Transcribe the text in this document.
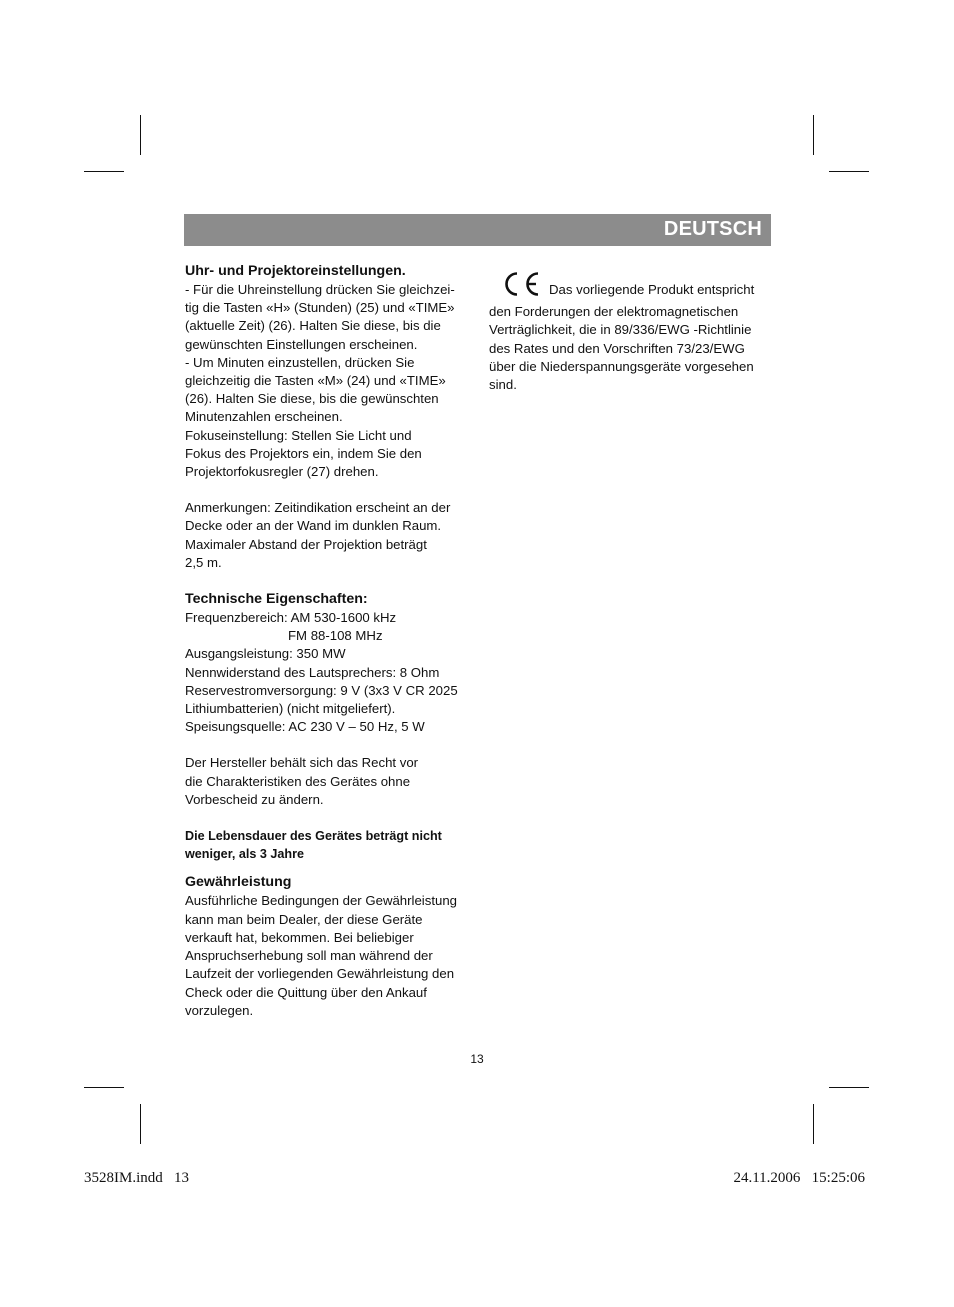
DEUTSCH

Uhr- und Projektoreinstellungen.

- Für die Uhreinstellung drücken Sie gleichzei-

tig die Tasten «H» (Stunden) (25) und «TIME»

(aktuelle Zeit) (26). Halten Sie diese, bis die

gewünschten Einstellungen erscheinen.

- Um Minuten einzustellen, drücken Sie

gleichzeitig die Tasten «M» (24) und «TIME»

(26). Halten Sie diese, bis die gewünschten

Minutenzahlen erscheinen.

Fokuseinstellung: Stellen Sie Licht und

Fokus des Projektors ein, indem Sie den

Projektorfokusregler (27) drehen.

Anmerkungen: Zeitindikation erscheint an der

Decke oder an der Wand im dunklen Raum.

Maximaler Abstand der Projektion beträgt

2,5 m.

Technische Eigenschaften:

Frequenzbereich: AM 530-1600 kHz

FM 88-108 MHz

Ausgangsleistung: 350 MW

Nennwiderstand des Lautsprechers: 8 Ohm

Reservestromversorgung: 9 V (3x3 V CR 2025

Lithiumbatterien) (nicht mitgeliefert).

Speisungsquelle: AC 230 V – 50 Hz, 5 W

Der Hersteller behält sich das Recht vor

die Charakteristiken des Gerätes ohne

Vorbescheid zu ändern.

Die Lebensdauer des Gerätes beträgt nicht

weniger, als 3 Jahre

Gewährleistung

Ausführliche Bedingungen der Gewährleistung

kann man beim Dealer, der diese Geräte

verkauft hat, bekommen. Bei beliebiger

Anspruchserhebung soll man während der

Laufzeit der vorliegenden Gewährleistung den

Check oder die Quittung über den Ankauf

vorzulegen.

Das vorliegende Produkt entspricht

den Forderungen der elektromagnetischen

Verträglichkeit, die in 89/336/EWG -Richtlinie

des Rates und den Vorschriften 73/23/EWG

über die Niederspannungsgeräte vorgesehen

sind.

13
3528IM.indd   13	24.11.2006   15:25:06
